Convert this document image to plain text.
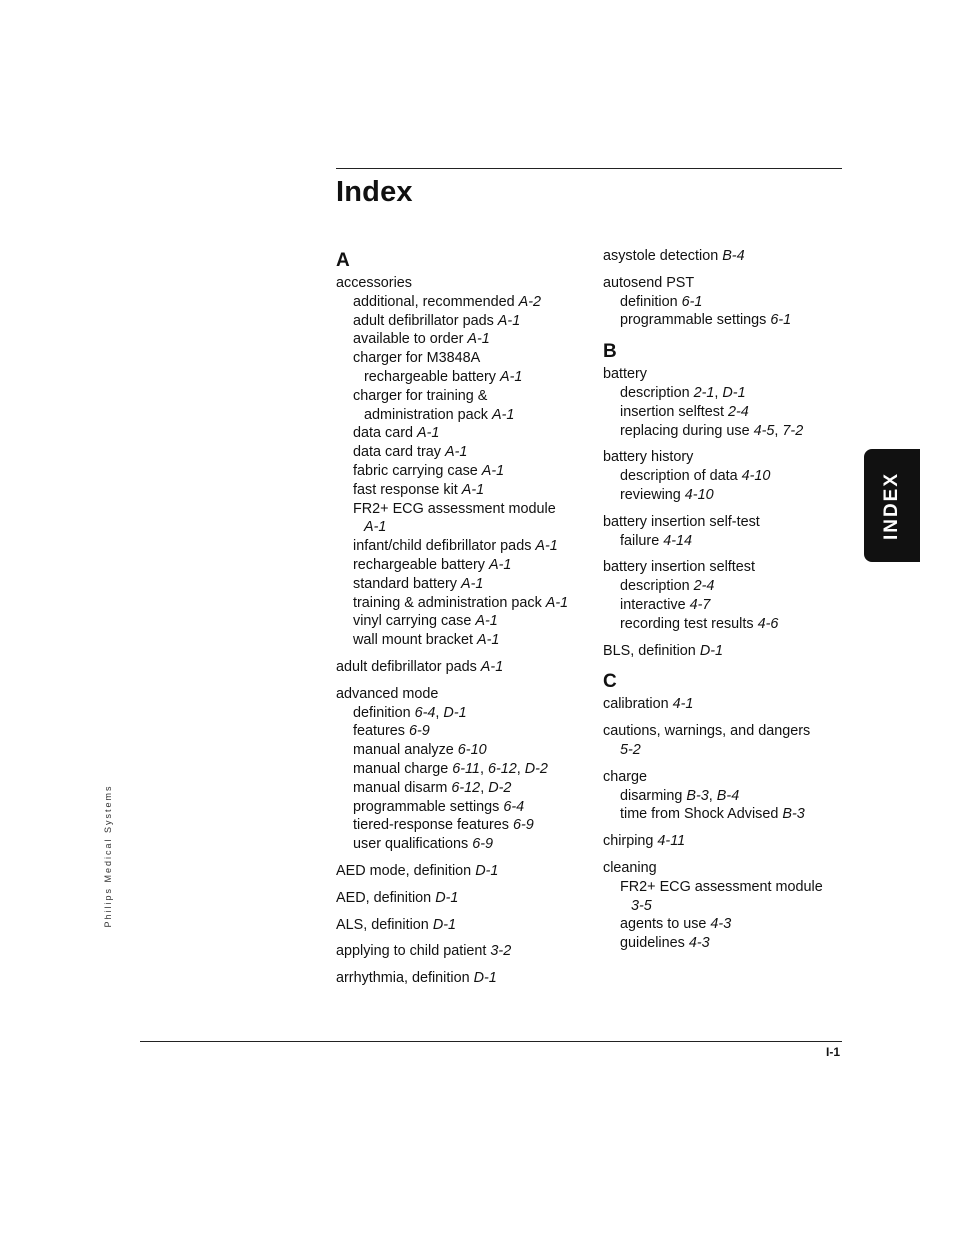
Index
A
accessories
additional, recommended A-2
adult defibrillator pads A-1
available to order A-1
charger for M3848A
rechargeable battery A-1
charger for training &
administration pack A-1
data card A-1
data card tray A-1
fabric carrying case A-1
fast response kit A-1
FR2+ ECG assessment module
A-1
infant/child defibrillator pads A-1
rechargeable battery A-1
standard battery A-1
training & administration pack A-1
vinyl carrying case A-1
wall mount bracket A-1
adult defibrillator pads A-1
advanced mode
definition 6-4, D-1
features 6-9
manual analyze 6-10
manual charge 6-11, 6-12, D-2
manual disarm 6-12, D-2
programmable settings 6-4
tiered-response features 6-9
user qualifications 6-9
AED mode, definition D-1
AED, definition D-1
ALS, definition D-1
applying to child patient 3-2
arrhythmia, definition D-1
asystole detection B-4
autosend PST
definition 6-1
programmable settings 6-1
B
battery
description 2-1, D-1
insertion selftest 2-4
replacing during use 4-5, 7-2
battery history
description of data 4-10
reviewing 4-10
battery insertion self-test
failure 4-14
battery insertion selftest
description 2-4
interactive 4-7
recording test results 4-6
BLS, definition D-1
C
calibration 4-1
cautions, warnings, and dangers
5-2
charge
disarming B-3, B-4
time from Shock Advised B-3
chirping 4-11
cleaning
FR2+ ECG assessment module
3-5
agents to use 4-3
guidelines 4-3
INDEX
Philips Medical Systems
I-1
